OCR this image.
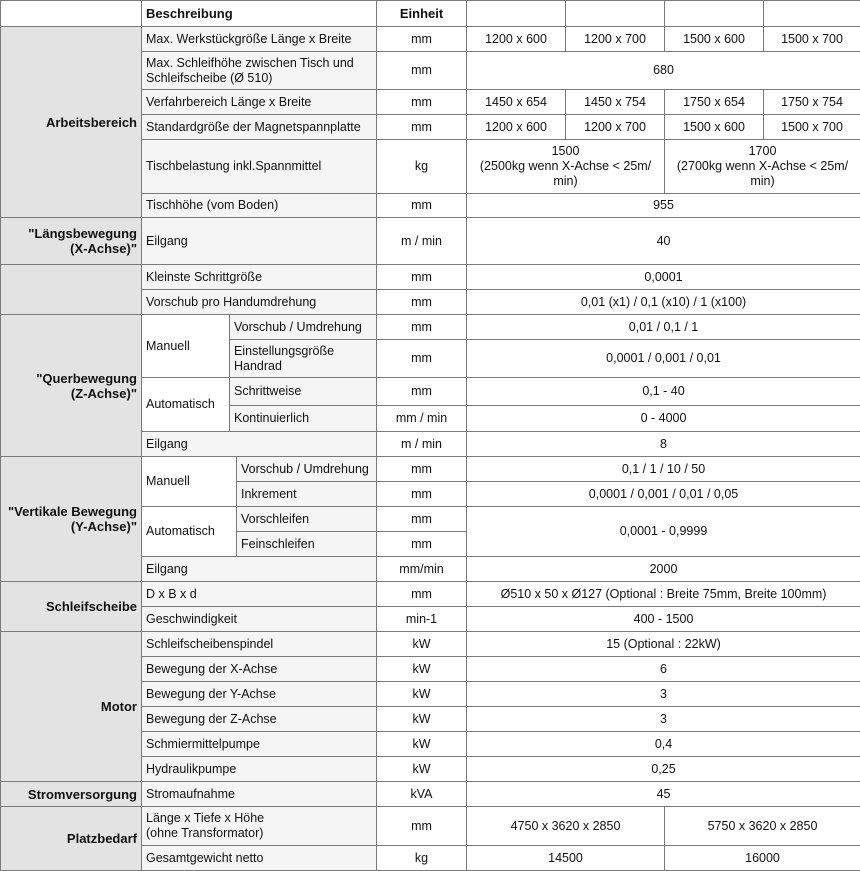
	Beschreibung			Einheit	126CA-iQ	127CA-iQ	156CA-iQ	157CA-iQ
Arbeitsbereich	Max. Werkstückgröße Länge x Breite			mm	1200 x 600	1200 x 700	1500 x 600	1500 x 700
	Max. Schleifhöhe zwischen Tisch und Schleifscheibe (Ø 510)			mm	680			
	Verfahrbereich Länge x Breite			mm	1450 x 654	1450 x 754	1750 x 654	1750 x 754
	Standardgröße der Magnetspannplatte			mm	1200 x 600	1200 x 700	1500 x 600	1500 x 700
	Tischbelastung inkl.Spannmittel			kg	1500
(2500kg wenn X-Achse < 25m/
min)		1700
(2700kg wenn X-Achse < 25m/
min)	
	Tischhöhe (vom Boden)			mm	955			
"Längsbewegung
(X-Achse)"	Eilgang			m / min	40			
	Kleinste Schrittgröße			mm	0,0001			
	Vorschub pro Handumdrehung			mm	0,01 (x1) / 0,1 (x10) / 1 (x100)			
"Querbewegung
(Z-Achse)"	Manuell	Vorschub / Umdrehung		mm	0,01 / 0,1 / 1			
		Einstellungsgröße Handrad		mm	0,0001 / 0,001 / 0,01			
	Automatisch	Schrittweise		mm	0,1 - 40			
		Kontinuierlich		mm / min	0 - 4000			
	Eilgang			m / min	8			
"Vertikale Bewegung
(Y-Achse)"	Manuell		Vorschub / Umdrehung	mm	0,1 / 1 / 10 / 50			
			Inkrement	mm	0,0001 / 0,001 / 0,01 / 0,05			
	Automatisch		Vorschleifen	mm	0,0001 - 0,9999			
			Feinschleifen	mm				
	Eilgang			mm/min	2000			
Schleifscheibe	D x B x d			mm	Ø510 x 50 x Ø127 (Optional : Breite 75mm, Breite 100mm)			
	Geschwindigkeit			min-1	400 - 1500			
Motor	Schleifscheibenspindel			kW	15 (Optional : 22kW)			
	Bewegung der X-Achse			kW	6			
	Bewegung der Y-Achse			kW	3			
	Bewegung der Z-Achse			kW	3			
	Schmiermittelpumpe			kW	0,4			
	Hydraulikpumpe			kW	0,25			
Stromversorgung	Stromaufnahme			kVA	45			
Platzbedarf	Länge x Tiefe x Höhe
(ohne Transformator)			mm	4750 x 3620 x 2850		5750 x 3620 x 2850	
	Gesamtgewicht netto			kg	14500		16000	
